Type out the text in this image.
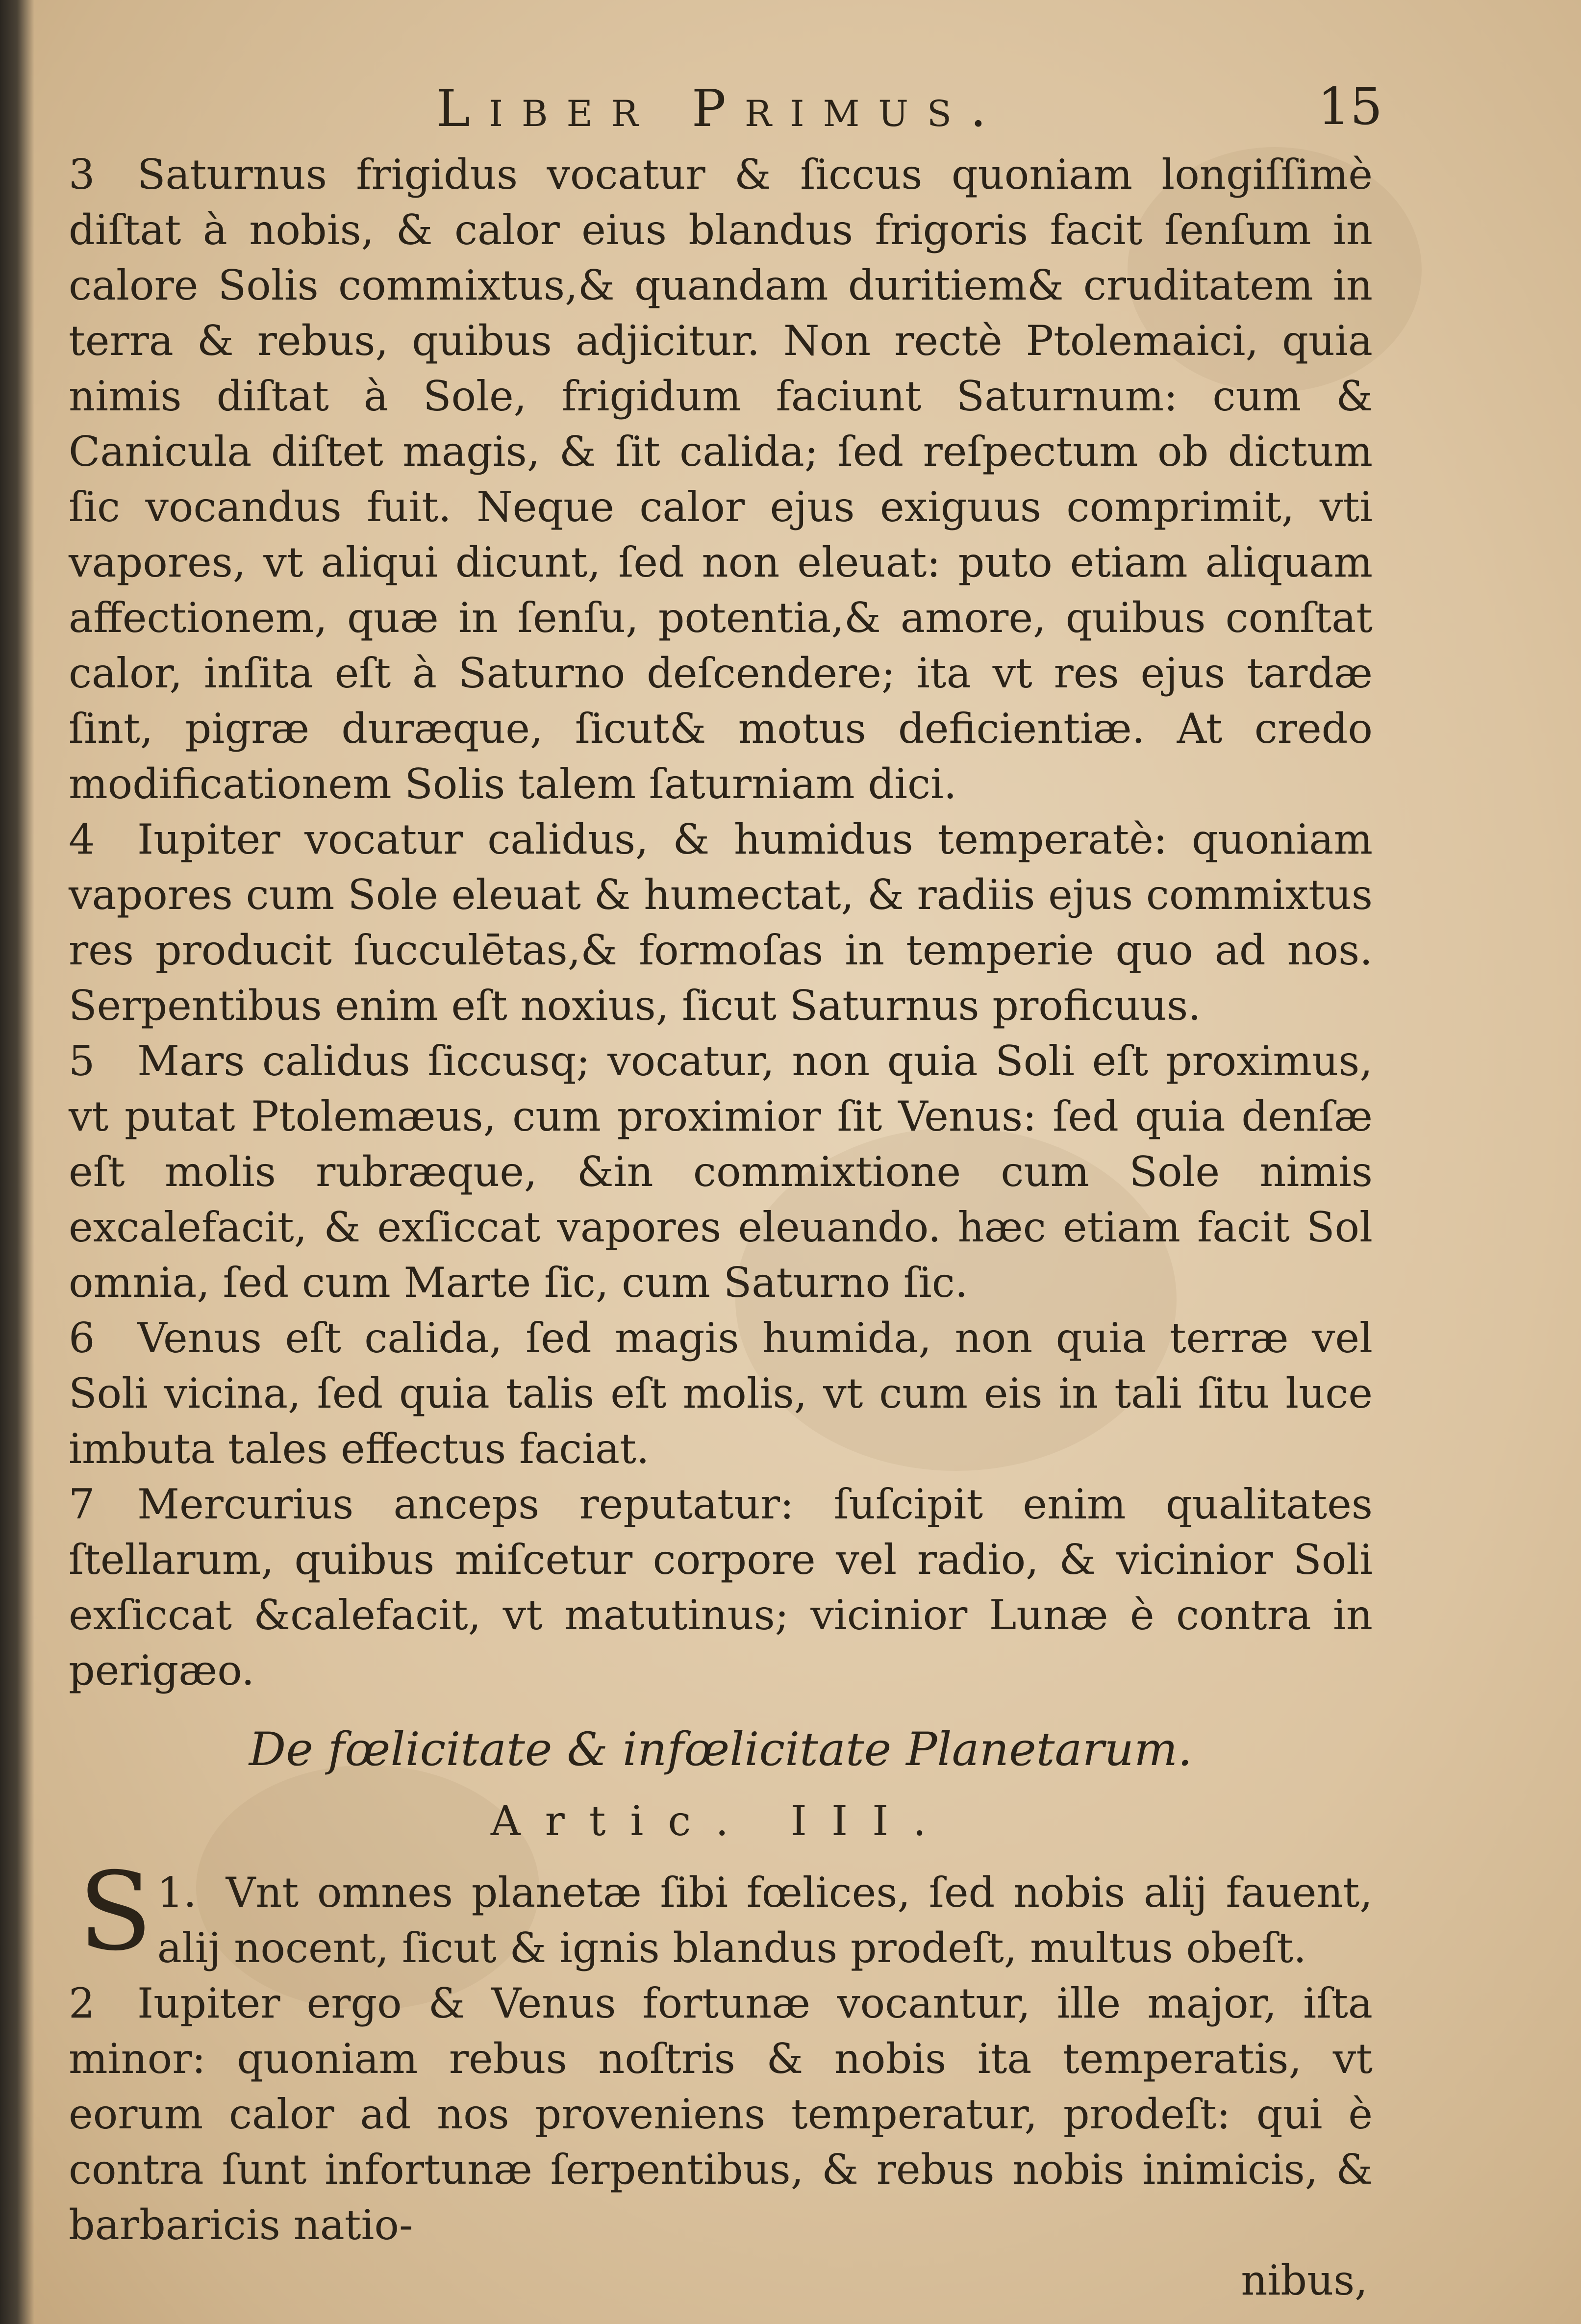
Liber Primus.	15

3 Saturnus frigidus vocatur & ſiccus quoniam longiſſimè diſtat à nobis, & calor eius blandus frigoris facit ſenſum in calore Solis commixtus,& quandam duritiem& cruditatem in terra & rebus, quibus adjicitur. Non rectè Ptolemaici, quia nimis diſtat à Sole, frigidum faciunt Saturnum: cum & Canicula diſtet magis, & ſit calida; ſed reſpectum ob dictum ſic vocandus fuit. Neque calor ejus exiguus comprimit, vti vapores, vt aliqui dicunt, ſed non eleuat: puto etiam aliquam affectionem, quæ in ſenſu, potentia,& amore, quibus conſtat calor, inſita eſt à Saturno deſcendere; ita vt res ejus tardæ ſint, pigræ duræque, ſicut& motus deficientiæ. At credo modificationem Solis talem ſaturniam dici.

4 Iupiter vocatur calidus, & humidus temperatè: quoniam vapores cum Sole eleuat & humectat, & radiis ejus commixtus res producit ſucculētas,& formoſas in temperie quo ad nos. Serpentibus enim eſt noxius, ſicut Saturnus proficuus.

5 Mars calidus ſiccusq; vocatur, non quia Soli eſt proximus, vt putat Ptolemæus, cum proximior ſit Venus: ſed quia denſæ eſt molis rubræque, &in commixtione cum Sole nimis excalefacit, & exſiccat vapores eleuando. hæc etiam facit Sol omnia, ſed cum Marte ſic, cum Saturno ſic.

6 Venus eſt calida, ſed magis humida, non quia terræ vel Soli vicina, ſed quia talis eſt molis, vt cum eis in tali ſitu luce imbuta tales effectus faciat.

7 Mercurius anceps reputatur: ſuſcipit enim qualitates ſtellarum, quibus miſcetur corpore vel radio, & vicinior Soli exſiccat &calefacit, vt matutinus; vicinior Lunæ è contra in perigæo.

De fœlicitate & infœlicitate Planetarum.
Artic. III.

1.
S Vnt omnes planetæ ſibi fœlices, ſed nobis alij fauent, alij nocent, ſicut & ignis blandus prodeſt, multus obeſt.

2 Iupiter ergo & Venus fortunæ vocantur, ille major, iſta minor: quoniam rebus noſtris & nobis ita temperatis, vt eorum calor ad nos proveniens temperatur, prodeſt: qui è contra ſunt infortunæ ſerpentibus, & rebus nobis inimicis, & barbaricis natio-

nibus,
